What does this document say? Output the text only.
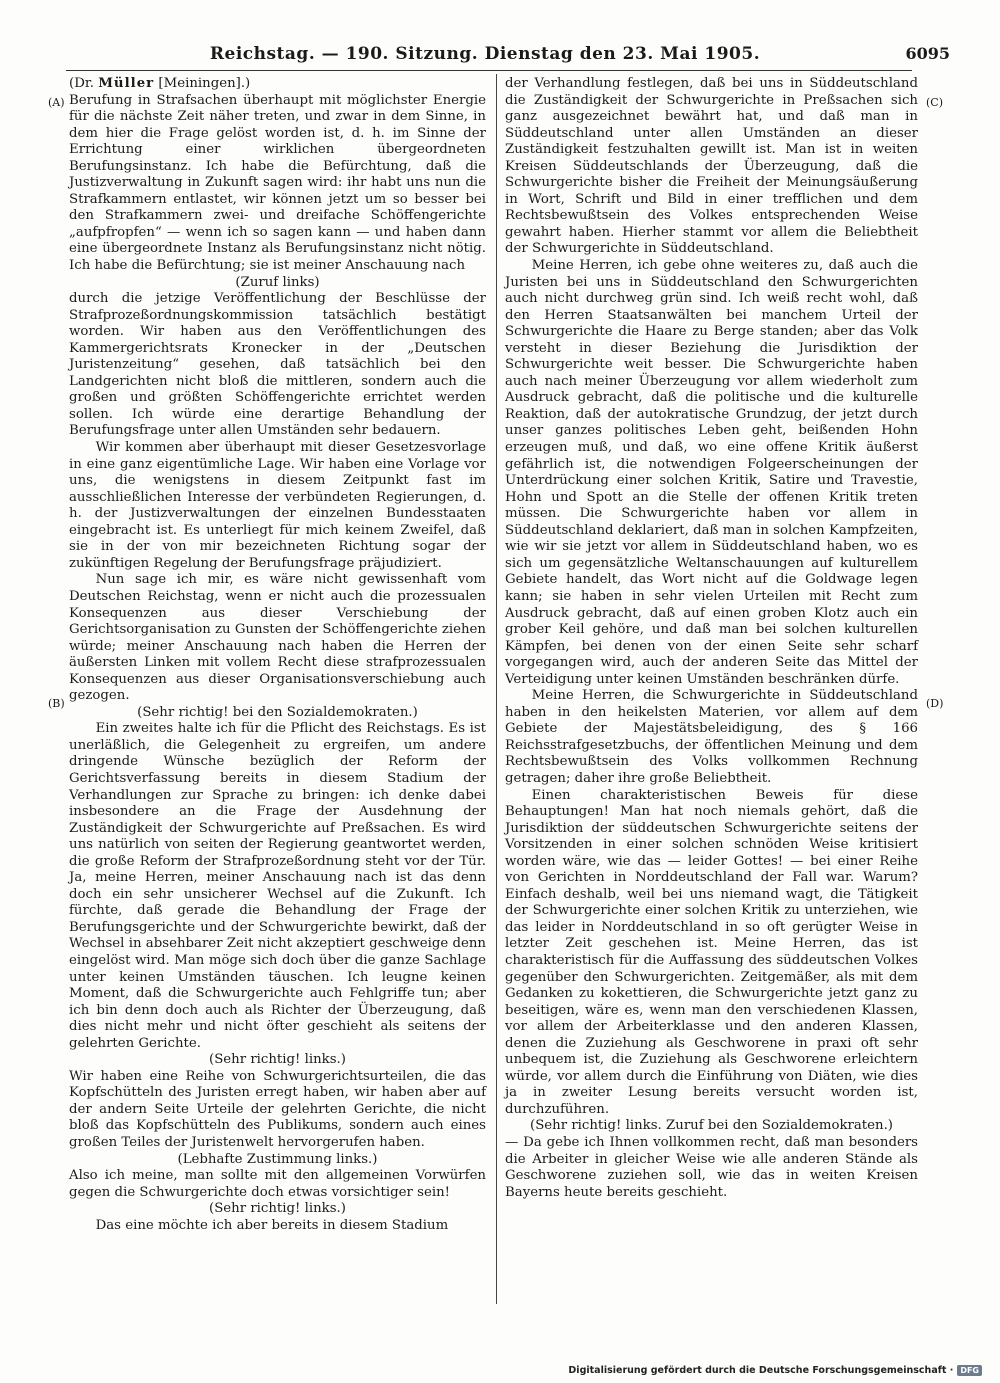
Reichstag. — 190. Sitzung. Dienstag den 23. Mai 1905.	6095
(A)
(B)
(C)
(D)

(Dr. Müller [Meiningen].)

Berufung in Strafsachen überhaupt mit möglichster Energie für die nächste Zeit näher treten, und zwar in dem Sinne, in dem hier die Frage gelöst worden ist, d. h. im Sinne der Errichtung einer wirklichen übergeordneten Berufungsinstanz. Ich habe die Befürchtung, daß die Justizverwaltung in Zukunft sagen wird: ihr habt uns nun die Strafkammern entlastet, wir können jetzt um so besser bei den Strafkammern zwei- und dreifache Schöffengerichte „aufpfropfen“ — wenn ich so sagen kann — und haben dann eine übergeordnete Instanz als Berufungsinstanz nicht nötig. Ich habe die Befürchtung; sie ist meiner Anschauung nach

(Zuruf links)

durch die jetzige Veröffentlichung der Beschlüsse der Strafprozeßordnungskommission tatsächlich bestätigt worden. Wir haben aus den Veröffentlichungen des Kammergerichtsrats Kronecker in der „Deutschen Juristenzeitung“ gesehen, daß tatsächlich bei den Landgerichten nicht bloß die mittleren, sondern auch die großen und größten Schöffengerichte errichtet werden sollen. Ich würde eine derartige Behandlung der Berufungsfrage unter allen Umständen sehr bedauern.

Wir kommen aber überhaupt mit dieser Gesetzesvorlage in eine ganz eigentümliche Lage. Wir haben eine Vorlage vor uns, die wenigstens in diesem Zeitpunkt fast im ausschließlichen Interesse der verbündeten Regierungen, d. h. der Justizverwaltungen der einzelnen Bundesstaaten eingebracht ist. Es unterliegt für mich keinem Zweifel, daß sie in der von mir bezeichneten Richtung sogar der zukünftigen Regelung der Berufungsfrage präjudiziert.

Nun sage ich mir, es wäre nicht gewissenhaft vom Deutschen Reichstag, wenn er nicht auch die prozessualen Konsequenzen aus dieser Verschiebung der Gerichtsorganisation zu Gunsten der Schöffengerichte ziehen würde; meiner Anschauung nach haben die Herren der äußersten Linken mit vollem Recht diese strafprozessualen Konsequenzen aus dieser Organisationsverschiebung auch gezogen.

(Sehr richtig! bei den Sozialdemokraten.)

Ein zweites halte ich für die Pflicht des Reichstags. Es ist unerläßlich, die Gelegenheit zu ergreifen, um andere dringende Wünsche bezüglich der Reform der Gerichtsverfassung bereits in diesem Stadium der Verhandlungen zur Sprache zu bringen: ich denke dabei insbesondere an die Frage der Ausdehnung der Zuständigkeit der Schwurgerichte auf Preßsachen. Es wird uns natürlich von seiten der Regierung geantwortet werden, die große Reform der Strafprozeßordnung steht vor der Tür. Ja, meine Herren, meiner Anschauung nach ist das denn doch ein sehr unsicherer Wechsel auf die Zukunft. Ich fürchte, daß gerade die Behandlung der Frage der Berufungsgerichte und der Schwurgerichte bewirkt, daß der Wechsel in absehbarer Zeit nicht akzeptiert geschweige denn eingelöst wird. Man möge sich doch über die ganze Sachlage unter keinen Umständen täuschen. Ich leugne keinen Moment, daß die Schwurgerichte auch Fehlgriffe tun; aber ich bin denn doch auch als Richter der Überzeugung, daß dies nicht mehr und nicht öfter geschieht als seitens der gelehrten Gerichte.

(Sehr richtig! links.)

Wir haben eine Reihe von Schwurgerichtsurteilen, die das Kopfschütteln des Juristen erregt haben, wir haben aber auf der andern Seite Urteile der gelehrten Gerichte, die nicht bloß das Kopfschütteln des Publikums, sondern auch eines großen Teiles der Juristenwelt hervorgerufen haben.

(Lebhafte Zustimmung links.)

Also ich meine, man sollte mit den allgemeinen Vorwürfen gegen die Schwurgerichte doch etwas vorsichtiger sein!

(Sehr richtig! links.)

Das eine möchte ich aber bereits in diesem Stadium

der Verhandlung festlegen, daß bei uns in Süddeutschland die Zuständigkeit der Schwurgerichte in Preßsachen sich ganz ausgezeichnet bewährt hat, und daß man in Süddeutschland unter allen Umständen an dieser Zuständigkeit festzuhalten gewillt ist. Man ist in weiten Kreisen Süddeutschlands der Überzeugung, daß die Schwurgerichte bisher die Freiheit der Meinungsäußerung in Wort, Schrift und Bild in einer trefflichen und dem Rechtsbewußtsein des Volkes entsprechenden Weise gewahrt haben. Hierher stammt vor allem die Beliebtheit der Schwurgerichte in Süddeutschland.

Meine Herren, ich gebe ohne weiteres zu, daß auch die Juristen bei uns in Süddeutschland den Schwurgerichten auch nicht durchweg grün sind. Ich weiß recht wohl, daß den Herren Staatsanwälten bei manchem Urteil der Schwurgerichte die Haare zu Berge standen; aber das Volk versteht in dieser Beziehung die Jurisdiktion der Schwurgerichte weit besser. Die Schwurgerichte haben auch nach meiner Überzeugung vor allem wiederholt zum Ausdruck gebracht, daß die politische und die kulturelle Reaktion, daß der autokratische Grundzug, der jetzt durch unser ganzes politisches Leben geht, beißenden Hohn erzeugen muß, und daß, wo eine offene Kritik äußerst gefährlich ist, die notwendigen Folgeerscheinungen der Unterdrückung einer solchen Kritik, Satire und Travestie, Hohn und Spott an die Stelle der offenen Kritik treten müssen. Die Schwurgerichte haben vor allem in Süddeutschland deklariert, daß man in solchen Kampfzeiten, wie wir sie jetzt vor allem in Süddeutschland haben, wo es sich um gegensätzliche Weltanschauungen auf kulturellem Gebiete handelt, das Wort nicht auf die Goldwage legen kann; sie haben in sehr vielen Urteilen mit Recht zum Ausdruck gebracht, daß auf einen groben Klotz auch ein grober Keil gehöre, und daß man bei solchen kulturellen Kämpfen, bei denen von der einen Seite sehr scharf vorgegangen wird, auch der anderen Seite das Mittel der Verteidigung unter keinen Umständen beschränken dürfe.

Meine Herren, die Schwurgerichte in Süddeutschland haben in den heikelsten Materien, vor allem auf dem Gebiete der Majestätsbeleidigung, des § 166 Reichsstrafgesetzbuchs, der öffentlichen Meinung und dem Rechtsbewußtsein des Volks vollkommen Rechnung getragen; daher ihre große Beliebtheit.

Einen charakteristischen Beweis für diese Behauptungen! Man hat noch niemals gehört, daß die Jurisdiktion der süddeutschen Schwurgerichte seitens der Vorsitzenden in einer solchen schnöden Weise kritisiert worden wäre, wie das — leider Gottes! — bei einer Reihe von Gerichten in Norddeutschland der Fall war. Warum? Einfach deshalb, weil bei uns niemand wagt, die Tätigkeit der Schwurgerichte einer solchen Kritik zu unterziehen, wie das leider in Norddeutschland in so oft gerügter Weise in letzter Zeit geschehen ist. Meine Herren, das ist charakteristisch für die Auffassung des süddeutschen Volkes gegenüber den Schwurgerichten. Zeitgemäßer, als mit dem Gedanken zu kokettieren, die Schwurgerichte jetzt ganz zu beseitigen, wäre es, wenn man den verschiedenen Klassen, vor allem der Arbeiterklasse und den anderen Klassen, denen die Zuziehung als Geschworene in praxi oft sehr unbequem ist, die Zuziehung als Geschworene erleichtern würde, vor allem durch die Einführung von Diäten, wie dies ja in zweiter Lesung bereits versucht worden ist, durchzuführen.

(Sehr richtig! links. Zuruf bei den Sozialdemokraten.)

— Da gebe ich Ihnen vollkommen recht, daß man besonders die Arbeiter in gleicher Weise wie alle anderen Stände als Geschworene zuziehen soll, wie das in weiten Kreisen Bayerns heute bereits geschieht.

Digitalisierung gefördert durch die Deutsche Forschungsgemeinschaft · DFG
